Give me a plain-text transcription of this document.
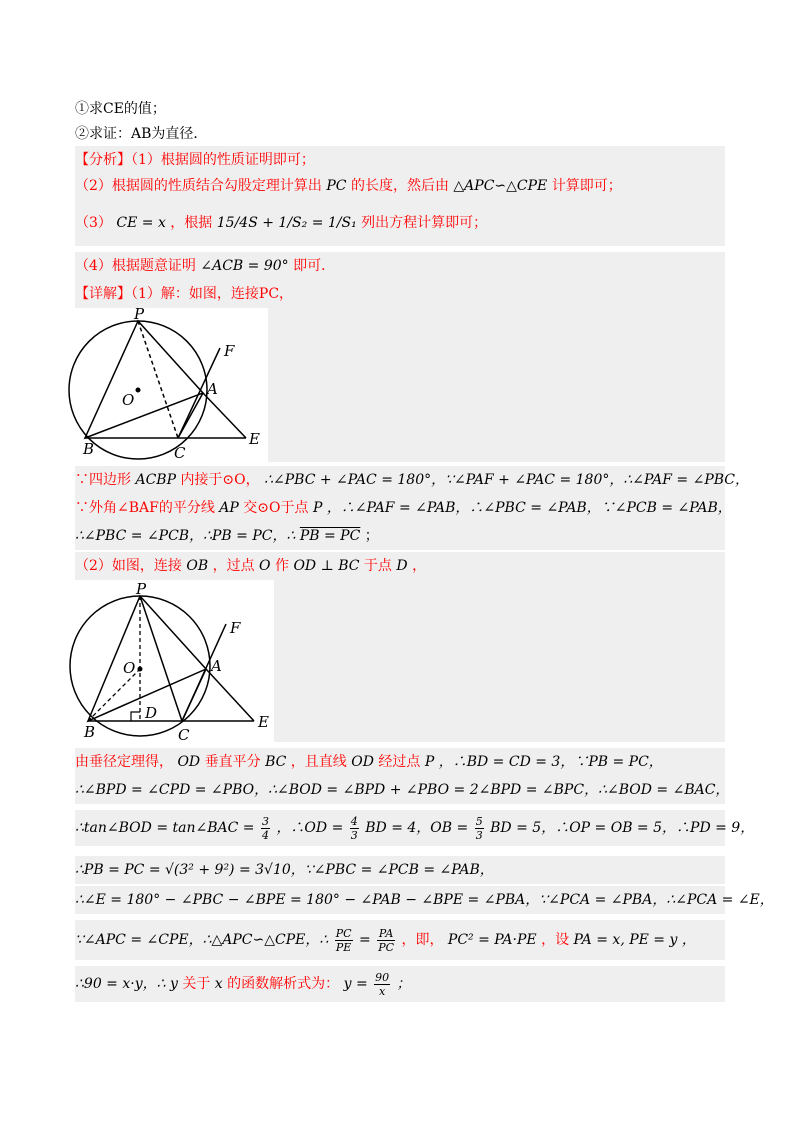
①求CE的值；
②求证：AB为直径．
【分析】（1）根据圆的性质证明即可；
（2）根据圆的性质结合勾股定理计算出 PC 的长度，然后由 △APC∽△CPE 计算即可；
（3） CE = x ，根据 15/4S + 1/S₂ = 1/S₁ 列出方程计算即可；
（4）根据题意证明 ∠ACB = 90° 即可．
【详解】（1）解：如图，连接PC，
P
F
A
O
B	C
E
∵四边形 ACBP 内接于⊙O， ∴∠PBC + ∠PAC = 180°，∵∠PAF + ∠PAC = 180°，∴∠PAF = ∠PBC，
∵外角∠BAF的平分线 AP 交⊙O于点 P ，∴∠PAF = ∠PAB，∴∠PBC = ∠PAB，∵∠PCB = ∠PAB，
∴∠PBC = ∠PCB，∴PB = PC，∴ PB = PC ；
（2）如图，连接 OB ，过点 O 作 OD ⊥ BC 于点 D ，
P
F
A
O
D
B	C
E
由垂径定理得， OD 垂直平分 BC ，且直线 OD 经过点 P ，∴BD = CD = 3，∵PB = PC，
∴∠BPD = ∠CPD = ∠PBO，∴∠BOD = ∠BPD + ∠PBO = 2∠BPD = ∠BPC，∴∠BOD = ∠BAC，
∴tan∠BOD = tan∠BAC = $\frac{3}{4}$ ，∴OD = $\frac{4}{3}$ BD = 4，OB = $\frac{5}{3}$ BD = 5，∴OP = OB = 5，∴PD = 9，
∴PB = PC = √(3² + 9²) = 3√10，∵∠PBC = ∠PCB = ∠PAB，
∴∠E = 180° − ∠PBC − ∠BPE = 180° − ∠PAB − ∠BPE = ∠PBA，∵∠PCA = ∠PBA，∴∠PCA = ∠E，
∵∠APC = ∠CPE，∴△APC∽△CPE，∴ $\frac{PC}{PE} = \frac{PA}{PC}$ ，即， PC² = PA·PE ，设 PA = x, PE = y ，
∴90 = x·y，∴ y 关于 x 的函数解析式为： $y = \frac{90}{x}$ ；
